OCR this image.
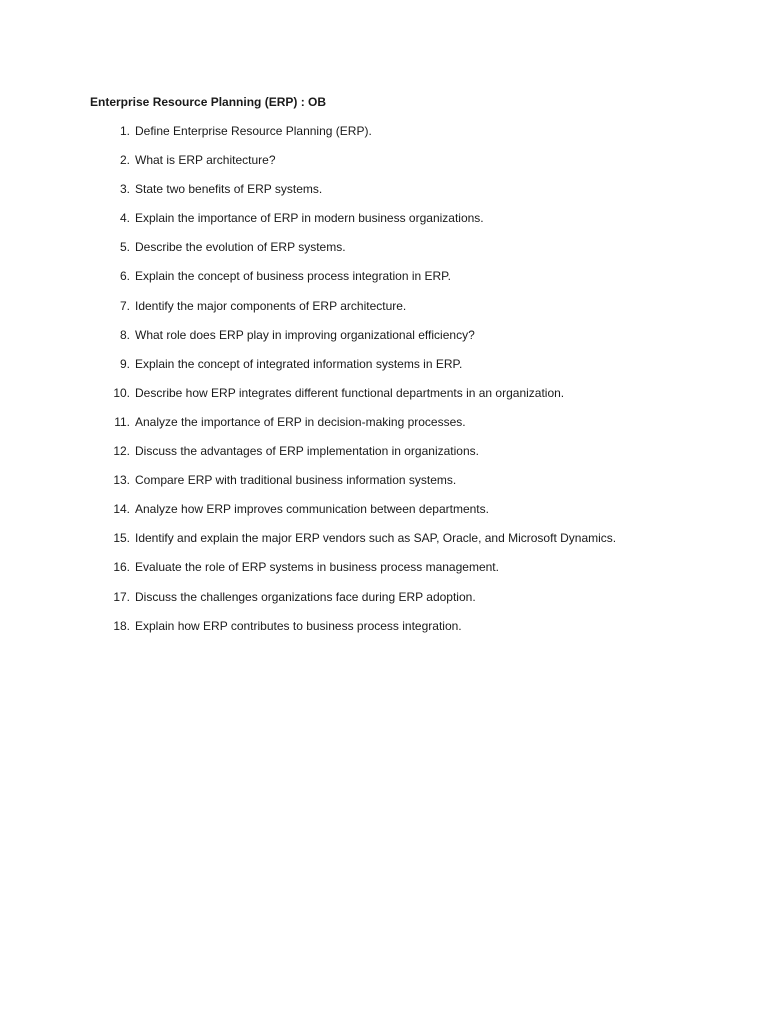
Enterprise Resource Planning (ERP) : OB
1. Define Enterprise Resource Planning (ERP).
2. What is ERP architecture?
3. State two benefits of ERP systems.
4. Explain the importance of ERP in modern business organizations.
5. Describe the evolution of ERP systems.
6. Explain the concept of business process integration in ERP.
7. Identify the major components of ERP architecture.
8. What role does ERP play in improving organizational efficiency?
9. Explain the concept of integrated information systems in ERP.
10. Describe how ERP integrates different functional departments in an organization.
11. Analyze the importance of ERP in decision-making processes.
12. Discuss the advantages of ERP implementation in organizations.
13. Compare ERP with traditional business information systems.
14. Analyze how ERP improves communication between departments.
15. Identify and explain the major ERP vendors such as SAP, Oracle, and Microsoft Dynamics.
16. Evaluate the role of ERP systems in business process management.
17. Discuss the challenges organizations face during ERP adoption.
18. Explain how ERP contributes to business process integration.
